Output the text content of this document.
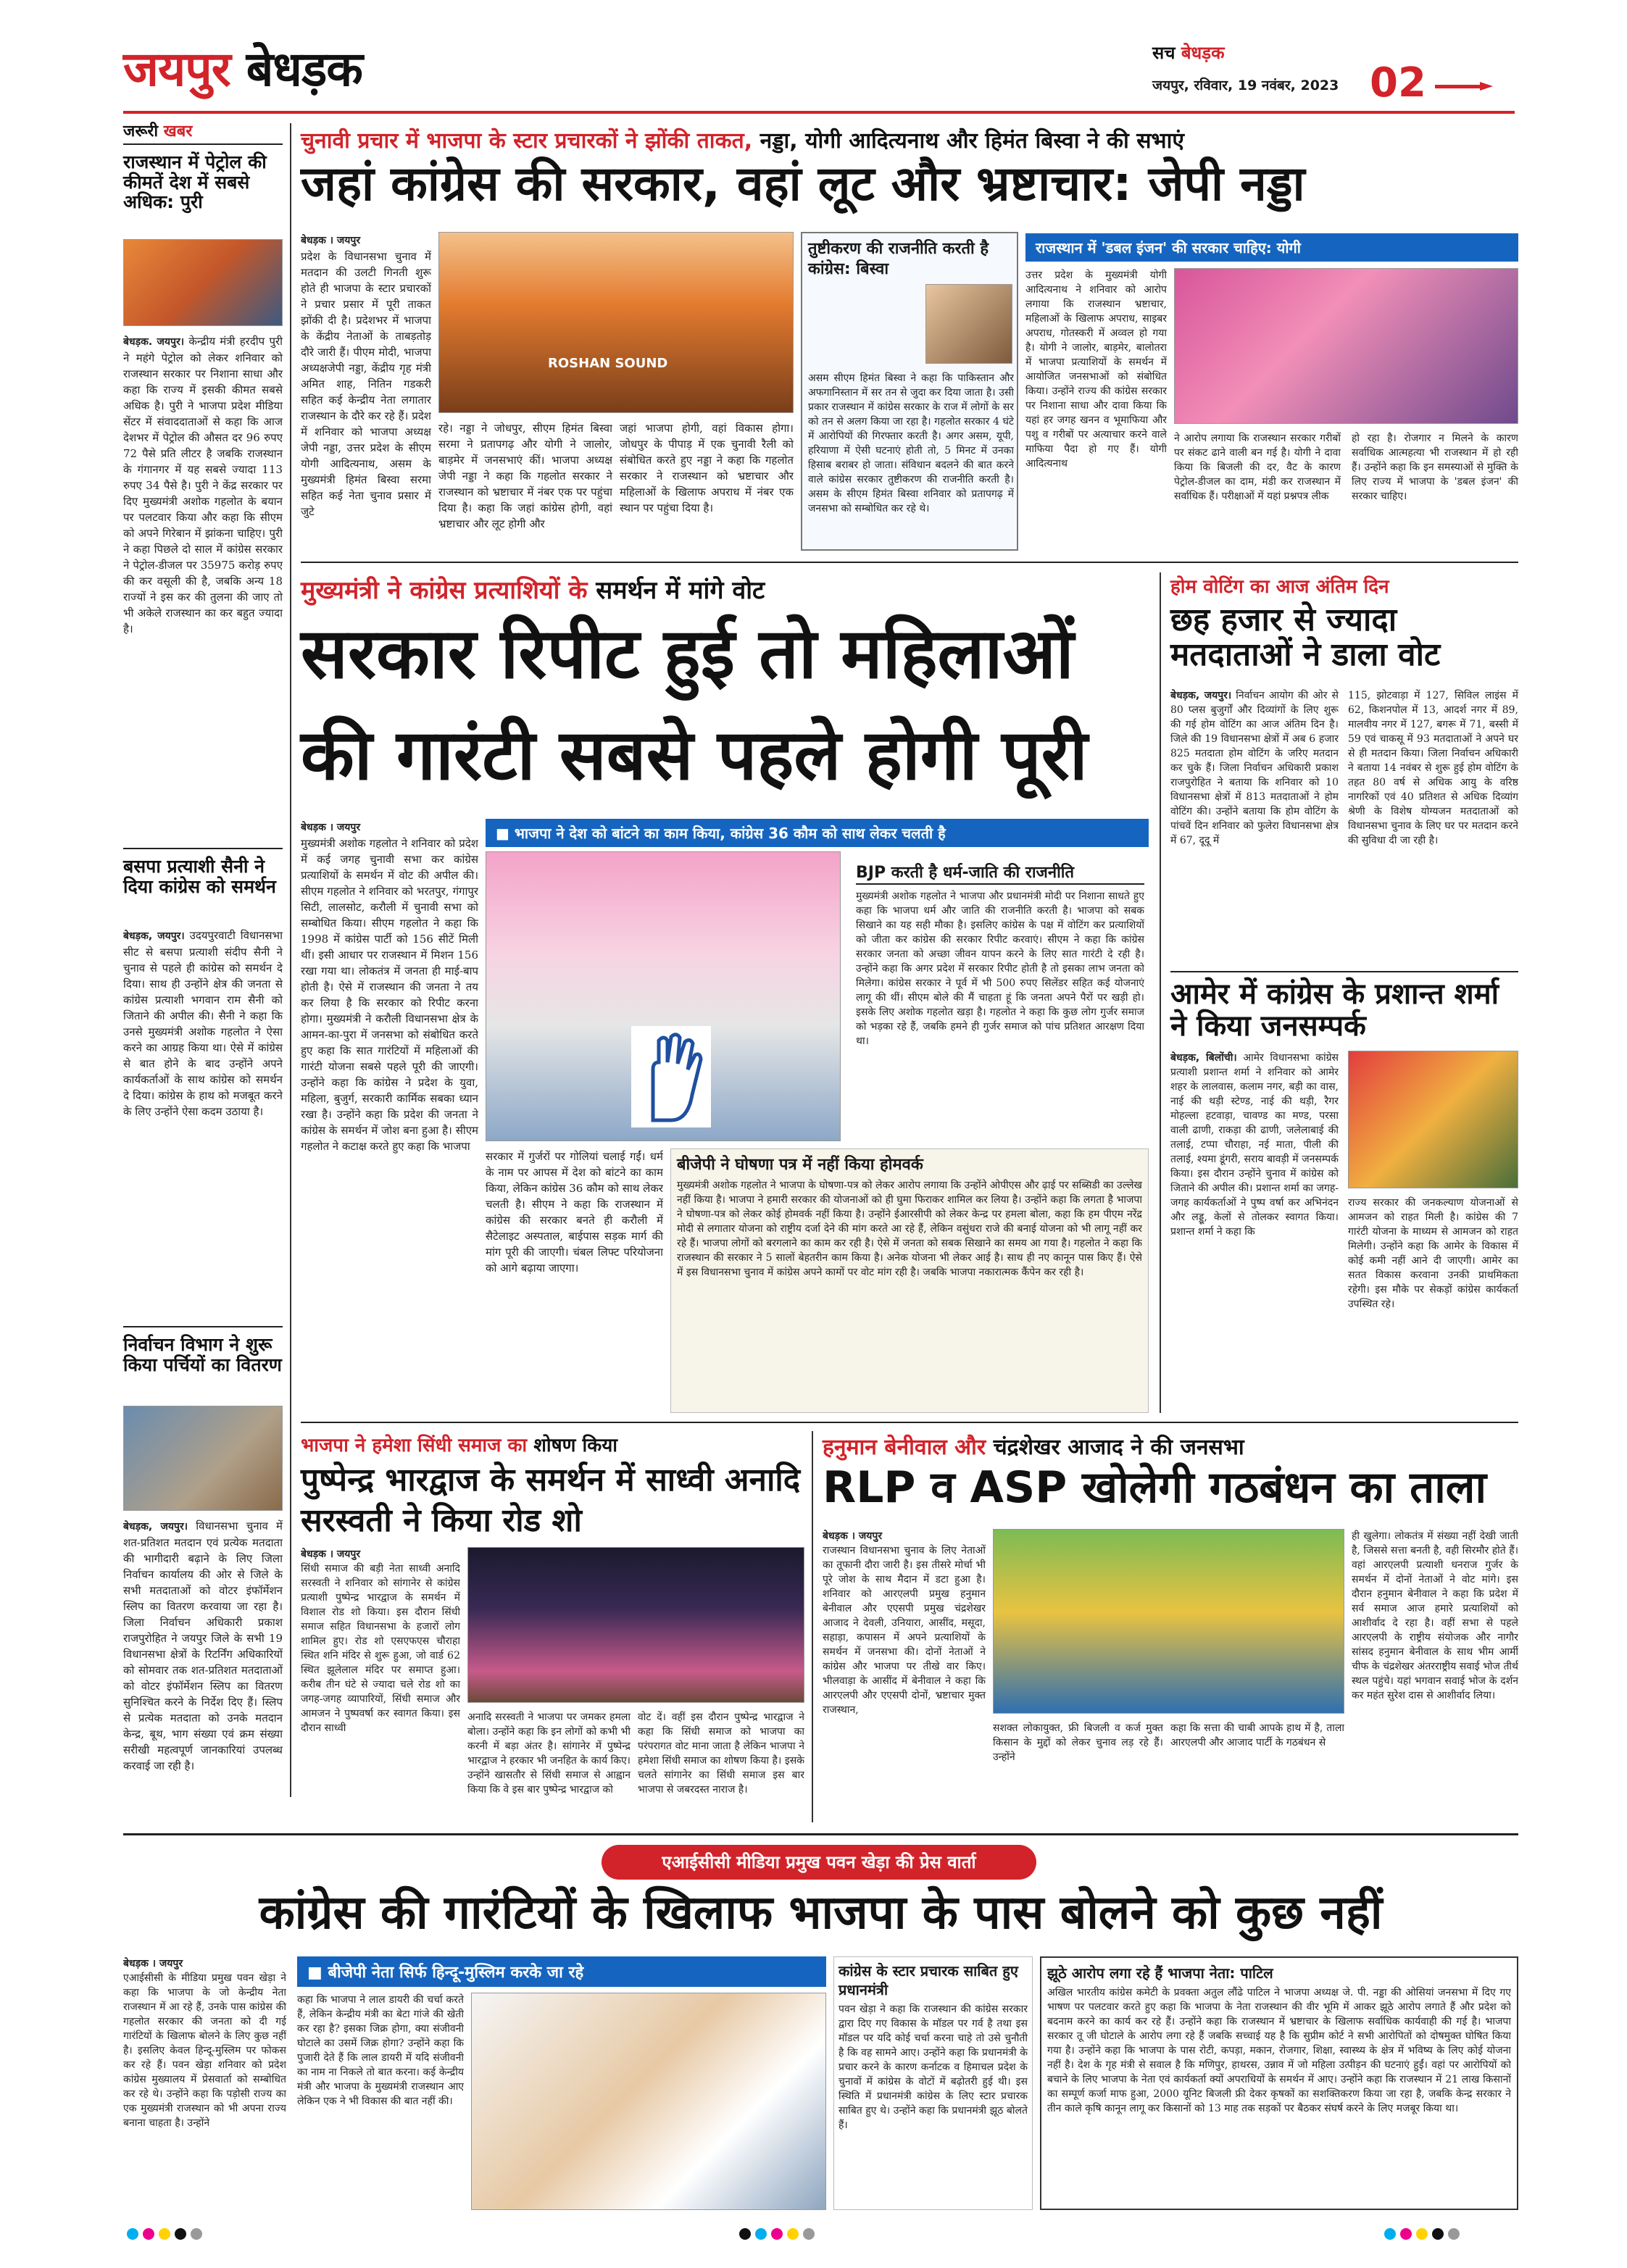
जयपुर बेधड़क	सच बेधड़क
जयपुर, रविवार, 19 नवंबर, 2023 02
जरूरी खबर
राजस्थान में पेट्रोल की कीमतें देश में सबसे अधिक: पुरी
बेधड़क. जयपुर। केन्द्रीय मंत्री हरदीप पुरी ने महंगे पेट्रोल को लेकर शनिवार को राजस्थान सरकार पर निशाना साधा और कहा कि राज्य में इसकी कीमत सबसे अधिक है। पुरी ने भाजपा प्रदेश मीडिया सेंटर में संवाददाताओं से कहा कि आज देशभर में पेट्रोल की औसत दर 96 रुपए 72 पैसे प्रति लीटर है जबकि राजस्थान के गंगानगर में यह सबसे ज्यादा 113 रुपए 34 पैसे है। पुरी ने केंद्र सरकार पर दिए मुख्यमंत्री अशोक गहलोत के बयान पर पलटवार किया और कहा कि सीएम को अपने गिरेबान में झांकना चाहिए। पुरी ने कहा पिछले दो साल में कांग्रेस सरकार ने पेट्रोल-डीजल पर 35975 करोड़ रुपए की कर वसूली की है, जबकि अन्य 18 राज्यों ने इस कर की तुलना की जाए तो भी अकेले राजस्थान का कर बहुत ज्यादा है।
बसपा प्रत्याशी सैनी ने दिया कांग्रेस को समर्थन
बेधड़क, जयपुर। उदयपुरवाटी विधानसभा सीट से बसपा प्रत्याशी संदीप सैनी ने चुनाव से पहले ही कांग्रेस को समर्थन दे दिया। साथ ही उन्होंने क्षेत्र की जनता से कांग्रेस प्रत्याशी भगवान राम सैनी को जिताने की अपील की। सैनी ने कहा कि उनसे मुख्यमंत्री अशोक गहलोत ने ऐसा करने का आग्रह किया था। ऐसे में कांग्रेस से बात होने के बाद उन्होंने अपने कार्यकर्ताओं के साथ कांग्रेस को समर्थन दे दिया। कांग्रेस के हाथ को मजबूत करने के लिए उन्होंने ऐसा कदम उठाया है।
निर्वाचन विभाग ने शुरू किया पर्चियों का वितरण
बेधड़क, जयपुर। विधानसभा चुनाव में शत-प्रतिशत मतदान एवं प्रत्येक मतदाता की भागीदारी बढ़ाने के लिए जिला निर्वाचन कार्यालय की ओर से जिले के सभी मतदाताओं को वोटर इंफॉर्मेशन स्लिप का वितरण करवाया जा रहा है। जिला निर्वाचन अधिकारी प्रकाश राजपुरोहित ने जयपुर जिले के सभी 19 विधानसभा क्षेत्रों के रिटर्निंग अधिकारियों को सोमवार तक शत-प्रतिशत मतदाताओं को वोटर इंफॉर्मेशन स्लिप का वितरण सुनिश्चित करने के निर्देश दिए हैं। स्लिप से प्रत्येक मतदाता को उनके मतदान केन्द्र, बूथ, भाग संख्या एवं क्रम संख्या सरीखी महत्वपूर्ण जानकारियां उपलब्ध करवाई जा रही है।
चुनावी प्रचार में भाजपा के स्टार प्रचारकों ने झोंकी ताकत, नड्डा, योगी आदित्यनाथ और हिमंत बिस्वा ने की सभाएं
जहां कांग्रेस की सरकार, वहां लूट और भ्रष्टाचार: जेपी नड्डा
बेधड़क । जयपुर
प्रदेश के विधानसभा चुनाव में मतदान की उलटी गिनती शुरू होते ही भाजपा के स्टार प्रचारकों ने प्रचार प्रसार में पूरी ताकत झोंकी दी है। प्रदेशभर में भाजपा के केंद्रीय नेताओं के ताबड़तोड़ दौरे जारी हैं। पीएम मोदी, भाजपा अध्यक्षजेपी नड्डा, केंद्रीय गृह मंत्री अमित शाह, नितिन गडकरी सहित कई केन्द्रीय नेता लगातार राजस्थान के दौरे कर रहे हैं। प्रदेश में शनिवार को भाजपा अध्यक्ष जेपी नड्डा, उत्तर प्रदेश के सीएम योगी आदित्यनाथ, असम के मुख्यमंत्री हिमंत बिस्वा सरमा सहित कई नेता चुनाव प्रसार में जुटे
ROSHAN SOUND
रहे। नड्डा ने जोधपुर, सीएम हिमंत बिस्वा सरमा ने प्रतापगढ़ और योगी ने जालोर, बाड़मेर में जनसभाएं कीं। भाजपा अध्यक्ष जेपी नड्डा ने कहा कि गहलोत सरकार ने राजस्थान को भ्रष्टाचार में नंबर एक पर पहुंचा दिया है। कहा कि जहां कांग्रेस होगी, वहां भ्रष्टाचार और लूट होगी और
जहां भाजपा होगी, वहां विकास होगा। जोधपुर के पीपाड़ में एक चुनावी रैली को संबोधित करते हुए नड्डा ने कहा कि गहलोत सरकार ने राजस्थान को भ्रष्टाचार और महिलाओं के खिलाफ अपराध में नंबर एक स्थान पर पहुंचा दिया है।
तुष्टीकरण की राजनीति करती है कांग्रेस: बिस्वा
असम सीएम हिमंत बिस्वा ने कहा कि पाकिस्तान और अफगानिस्तान में सर तन से जुदा कर दिया जाता है। उसी प्रकार राजस्थान में कांग्रेस सरकार के राज में लोगों के सर को तन से अलग किया जा रहा है। गहलोत सरकार 4 घंटे में आरोपियों की गिरफ्तार करती है। अगर असम, यूपी, हरियाणा में ऐसी घटनाएं होती तो, 5 मिनट में उनका हिसाब बराबर हो जाता। संविधान बदलने की बात करने वाले कांग्रेस सरकार तुष्टीकरण की राजनीति करती है। असम के सीएम हिमंत बिस्वा शनिवार को प्रतापगढ़ में जनसभा को सम्बोधित कर रहे थे।
राजस्थान में 'डबल इंजन' की सरकार चाहिए: योगी
उत्तर प्रदेश के मुख्यमंत्री योगी आदित्यनाथ ने शनिवार को आरोप लगाया कि राजस्थान भ्रष्टाचार, महिलाओं के खिलाफ अपराध, साइबर अपराध, गोतस्करी में अव्वल हो गया है। योगी ने जालोर, बाड़मेर, बालोतरा में भाजपा प्रत्याशियों के समर्थन में आयोजित जनसभाओं को संबोधित किया। उन्होंने राज्य की कांग्रेस सरकार पर निशाना साधा और दावा किया कि यहां हर जगह खनन व भूमाफिया और पशु व गरीबों पर अत्याचार करने वाले माफिया पैदा हो गए हैं। योगी आदित्यनाथ
ने आरोप लगाया कि राजस्थान सरकार गरीबों पर संकट ढाने वाली बन गई है। योगी ने दावा किया कि बिजली की दर, वैट के कारण पेट्रोल-डीजल का दाम, मंडी कर राजस्थान में सर्वाधिक हैं। परीक्षाओं में यहां प्रश्नपत्र लीक
हो रहा है। रोजगार न मिलने के कारण सर्वाधिक आत्महत्या भी राजस्थान में हो रही हैं। उन्होंने कहा कि इन समस्याओं से मुक्ति के लिए राज्य में भाजपा के 'डबल इंजन' की सरकार चाहिए।
मुख्यमंत्री ने कांग्रेस प्रत्याशियों के समर्थन में मांगे वोट
सरकार रिपीट हुई तो महिलाओं
की गारंटी सबसे पहले होगी पूरी
बेधड़क । जयपुर
मुख्यमंत्री अशोक गहलोत ने शनिवार को प्रदेश में कई जगह चुनावी सभा कर कांग्रेस प्रत्याशियों के समर्थन में वोट की अपील की। सीएम गहलोत ने शनिवार को भरतपुर, गंगापुर सिटी, लालसोट, करौली में चुनावी सभा को सम्बोधित किया। सीएम गहलोत ने कहा कि 1998 में कांग्रेस पार्टी को 156 सीटें मिली थीं। इसी आधार पर राजस्थान में मिशन 156 रखा गया था। लोकतंत्र में जनता ही माई-बाप होती है। ऐसे में राजस्थान की जनता ने तय कर लिया है कि सरकार को रिपीट करना होगा। मुख्यमंत्री ने करौली विधानसभा क्षेत्र के आमन-का-पुरा में जनसभा को संबोधित करते हुए कहा कि सात गारंटियों में महिलाओं की गारंटी योजना सबसे पहले पूरी की जाएगी। उन्होंने कहा कि कांग्रेस ने प्रदेश के युवा, महिला, बुजुर्ग, सरकारी कार्मिक सबका ध्यान रखा है। उन्होंने कहा कि प्रदेश की जनता ने कांग्रेस के समर्थन में जोश बना हुआ है। सीएम गहलोत ने कटाक्ष करते हुए कहा कि भाजपा
■ भाजपा ने देश को बांटने का काम किया, कांग्रेस 36 कौम को साथ लेकर चलती है
सरकार में गुर्जरों पर गोलियां चलाई गईं। धर्म के नाम पर आपस में देश को बांटने का काम किया, लेकिन कांग्रेस 36 कौम को साथ लेकर चलती है। सीएम ने कहा कि राजस्थान में कांग्रेस की सरकार बनते ही करौली में सैटेलाइट अस्पताल, बाईपास सड़क मार्ग की मांग पूरी की जाएगी। चंबल लिफ्ट परियोजना को आगे बढ़ाया जाएगा।
BJP करती है धर्म-जाति की राजनीति
मुख्यमंत्री अशोक गहलोत ने भाजपा और प्रधानमंत्री मोदी पर निशाना साधते हुए कहा कि भाजपा धर्म और जाति की राजनीति करती है। भाजपा को सबक सिखाने का यह सही मौका है। इसलिए कांग्रेस के पक्ष में वोटिंग कर प्रत्याशियों को जीता कर कांग्रेस की सरकार रिपीट करवाएं। सीएम ने कहा कि कांग्रेस सरकार जनता को अच्छा जीवन यापन करने के लिए सात गारंटी दे रही है। उन्होंने कहा कि अगर प्रदेश में सरकार रिपीट होती है तो इसका लाभ जनता को मिलेगा। कांग्रेस सरकार ने पूर्व में भी 500 रुपए सिलेंडर सहित कई योजनाएं लागू की थीं। सीएम बोले की मैं चाहता हूं कि जनता अपने पैरों पर खड़ी हो। इसके लिए अशोक गहलोत खड़ा है। गहलोत ने कहा कि कुछ लोग गुर्जर समाज को भड़का रहे हैं, जबकि हमने ही गुर्जर समाज को पांच प्रतिशत आरक्षण दिया था।
बीजेपी ने घोषणा पत्र में नहीं किया होमवर्क
मुख्यमंत्री अशोक गहलोत ने भाजपा के घोषणा-पत्र को लेकर आरोप लगाया कि उन्होंने ओपीएस और ढ़ाई पर सब्सिडी का उल्लेख नहीं किया है। भाजपा ने हमारी सरकार की योजनाओं को ही घुमा फिराकर शामिल कर लिया है। उन्होंने कहा कि लगता है भाजपा ने घोषणा-पत्र को लेकर कोई होमवर्क नहीं किया है। उन्होंने ईआरसीपी को लेकर केन्द्र पर हमला बोला, कहा कि हम पीएम नरेंद्र मोदी से लगातार योजना को राष्ट्रीय दर्जा देने की मांग करते आ रहे हैं, लेकिन वसुंधरा राजे की बनाई योजना को भी लागू नहीं कर रहे हैं। भाजपा लोगों को बरगलाने का काम कर रही है। ऐसे में जनता को सबक सिखाने का समय आ गया है। गहलोत ने कहा कि राजस्थान की सरकार ने 5 सालों बेहतरीन काम किया है। अनेक योजना भी लेकर आई है। साथ ही नए कानून पास किए हैं। ऐसे में इस विधानसभा चुनाव में कांग्रेस अपने कामों पर वोट मांग रही है। जबकि भाजपा नकारात्मक कैंपेन कर रही है।
होम वोटिंग का आज अंतिम दिन
छह हजार से ज्यादा मतदाताओं ने डाला वोट
बेधड़क, जयपुर। निर्वाचन आयोग की ओर से 80 प्लस बुजुर्गों और दिव्यांगों के लिए शुरू की गई होम वोटिंग का आज अंतिम दिन है। जिले की 19 विधानसभा क्षेत्रों में अब 6 हजार 825 मतदाता होम वोटिंग के जरिए मतदान कर चुके हैं। जिला निर्वाचन अधिकारी प्रकाश राजपुरोहित ने बताया कि शनिवार को 10 विधानसभा क्षेत्रों में 813 मतदाताओं ने होम वोटिंग की। उन्होंने बताया कि होम वोटिंग के पांचवें दिन शनिवार को फुलेरा विधानसभा क्षेत्र में 67, दूदू में
115, झोटवाड़ा में 127, सिविल लाइंस में 62, किशनपोल में 13, आदर्श नगर में 89, मालवीय नगर में 127, बगरू में 71, बस्सी में 59 एवं चाकसू में 93 मतदाताओं ने अपने घर से ही मतदान किया। जिला निर्वाचन अधिकारी ने बताया 14 नवंबर से शुरू हुई होम वोटिंग के तहत 80 वर्ष से अधिक आयु के वरिष्ठ नागरिकों एवं 40 प्रतिशत से अधिक दिव्यांग श्रेणी के विशेष योग्यजन मतदाताओं को विधानसभा चुनाव के लिए घर पर मतदान करने की सुविधा दी जा रही है।
आमेर में कांग्रेस के प्रशान्त शर्मा ने किया जनसम्पर्क
बेधड़क, बिलोंची। आमेर विधानसभा कांग्रेस प्रत्याशी प्रशान्त शर्मा ने शनिवार को आमेर शहर के लालवास, कलाम नगर, बड़ी का वास, नाई की थड़ी स्टेण्ड, नाई की थड़ी, रैगर मोहल्ला हटवाड़ा, चावण्ड का मण्ड, परसा वाली ढाणी, राकड़ा की ढाणी, जलेलाबाई की तलाई, टप्पा चौराहा, नई माता, पीली की तलाई, श्यमा डूंगरी, सराय बावड़ी में जनसम्पर्क किया। इस दौरान उन्होंने चुनाव में कांग्रेस को जिताने की अपील की। प्रशान्त शर्मा का जगह-जगह कार्यकर्ताओं ने पुष्प वर्षा कर अभिनंदन और लड्डू, केलों से तोलकर स्वागत किया। प्रशान्त शर्मा ने कहा कि
राज्य सरकार की जनकल्याण योजनाओं से आमजन को राहत मिली है। कांग्रेस की 7 गारंटी योजना के माध्यम से आमजन को राहत मिलेगी। उन्होंने कहा कि आमेर के विकास में कोई कमी नहीं आने दी जाएगी। आमेर का सतत विकास करवाना उनकी प्राथमिकता रहेगी। इस मौके पर सेकड़ों कांग्रेस कार्यकर्ता उपस्थित रहे।
भाजपा ने हमेशा सिंधी समाज का शोषण किया
पुष्पेन्द्र भारद्वाज के समर्थन में साध्वी अनादि सरस्वती ने किया रोड शो
बेधड़क । जयपुर
सिंधी समाज की बड़ी नेता साध्वी अनादि सरस्वती ने शनिवार को सांगानेर से कांग्रेस प्रत्याशी पुष्पेन्द्र भारद्वाज के समर्थन में विशाल रोड शो किया। इस दौरान सिंधी समाज सहित विधानसभा के हजारों लोग शामिल हुए। रोड शो एसएफएस चौराहा स्थित शनि मंदिर से शुरू हुआ, जो वार्ड 62 स्थित झूलेलाल मंदिर पर समाप्त हुआ। करीब तीन घंटे से ज्यादा चले रोड शो का जगह-जगह व्यापारियों, सिंधी समाज और आमजन ने पुष्पवर्षा कर स्वागत किया। इस दौरान साध्वी
अनादि सरस्वती ने भाजपा पर जमकर हमला बोला। उन्होंने कहा कि इन लोगों को कभी भी करनी में बड़ा अंतर है। सांगानेर में पुष्पेन्द्र भारद्वाज ने हरकार भी जनहित के कार्य किए। उन्होंने खासतौर से सिंधी समाज से आह्वान किया कि वे इस बार पुष्पेन्द्र भारद्वाज को
वोट दें। वहीं इस दौरान पुष्पेन्द्र भारद्वाज ने कहा कि सिंधी समाज को भाजपा का परंपरागत वोट माना जाता है लेकिन भाजपा ने हमेशा सिंधी समाज का शोषण किया है। इसके चलते सांगानेर का सिंधी समाज इस बार भाजपा से जबरदस्त नाराज है।
हनुमान बेनीवाल और चंद्रशेखर आजाद ने की जनसभा
RLP व ASP खोलेगी गठबंधन का ताला
बेधड़क । जयपुर
राजस्थान विधानसभा चुनाव के लिए नेताओं का तूफानी दौरा जारी है। इस तीसरे मोर्चा भी पूरे जोश के साथ मैदान में डटा हुआ है। शनिवार को आरएलपी प्रमुख हनुमान बेनीवाल और एएसपी प्रमुख चंद्रशेखर आजाद ने देवली, उनियारा, आसींद, मसूदा, सहाड़ा, कपासन में अपने प्रत्याशियों के समर्थन में जनसभा की। दोनों नेताओं ने कांग्रेस और भाजपा पर तीखे वार किए। भीलवाड़ा के आसींद में बेनीवाल ने कहा कि आरएलपी और एएसपी दोनों, भ्रष्टाचार मुक्त राजस्थान,
सशक्त लोकायुक्त, फ्री बिजली व कर्ज मुक्त किसान के मुद्दों को लेकर चुनाव लड़ रहे हैं। उन्होंने
कहा कि सत्ता की चाबी आपके हाथ में है, ताला आरएलपी और आजाद पार्टी के गठबंधन से
ही खुलेगा। लोकतंत्र में संख्या नहीं देखी जाती है, जिससे सत्ता बनती है, वही सिरमौर होते हैं। वहां आरएलपी प्रत्याशी धनराज गुर्जर के समर्थन में दोनों नेताओं ने वोट मांगे। इस दौरान हनुमान बेनीवाल ने कहा कि प्रदेश में सर्व समाज आज हमारे प्रत्याशियों को आशीर्वाद दे रहा है। वहीं सभा से पहले आरएलपी के राष्ट्रीय संयोजक और नागौर सांसद हनुमान बेनीवाल के साथ भीम आर्मी चीफ के चंद्रशेखर अंतरराष्ट्रीय सवाई भोज तीर्थ स्थल पहुंचे। यहां भगवान सवाई भोज के दर्शन कर महंत सुरेश दास से आशीर्वाद लिया।
एआईसीसी मीडिया प्रमुख पवन खेड़ा की प्रेस वार्ता
कांग्रेस की गारंटियों के खिलाफ भाजपा के पास बोलने को कुछ नहीं
बेधड़क । जयपुर
एआईसीसी के मीडिया प्रमुख पवन खेड़ा ने कहा कि भाजपा के जो केन्द्रीय नेता राजस्थान में आ रहे हैं, उनके पास कांग्रेस की गहलोत सरकार की जनता को दी गई गारंटियों के खिलाफ बोलने के लिए कुछ नहीं है। इसलिए केवल हिन्दू-मुस्लिम पर फोकस कर रहे हैं। पवन खेड़ा शनिवार को प्रदेश कांग्रेस मुख्यालय में प्रेसवार्ता को सम्बोधित कर रहे थे। उन्होंने कहा कि पड़ोसी राज्य का एक मुख्यमंत्री राजस्थान को भी अपना राज्य बनाना चाहता है। उन्होंने
■ बीजेपी नेता सिर्फ हिन्दू-मुस्लिम करके जा रहे
कहा कि भाजपा ने लाल डायरी की चर्चा करते हैं, लेकिन केन्द्रीय मंत्री का बेटा गांजे की खेती कर रहा है? इसका जिक्र होगा, क्या संजीवनी घोटाले का उसमें जिक्र होगा? उन्होंने कहा कि पुजारी देते हैं कि लाल डायरी में यदि संजीवनी का नाम ना निकले तो बात करना। कई केन्द्रीय मंत्री और भाजपा के मुख्यमंत्री राजस्थान आए लेकिन एक ने भी विकास की बात नहीं की।
कांग्रेस के स्टार प्रचारक साबित हुए प्रधानमंत्री
पवन खेड़ा ने कहा कि राजस्थान की कांग्रेस सरकार द्वारा दिए गए विकास के मॉडल पर गर्व है तथा इस मॉडल पर यदि कोई चर्चा करना चाहे तो उसे चुनौती है कि वह सामने आए। उन्होंने कहा कि प्रधानमंत्री के प्रचार करने के कारण कर्नाटक व हिमाचल प्रदेश के चुनावों में कांग्रेस के वोटों में बढ़ोतरी हुई थी। इस स्थिति में प्रधानमंत्री कांग्रेस के लिए स्टार प्रचारक साबित हुए थे। उन्होंने कहा कि प्रधानमंत्री झूठ बोलते हैं।
झूठे आरोप लगा रहे हैं भाजपा नेता: पाटिल
अखिल भारतीय कांग्रेस कमेटी के प्रवक्ता अतुल लौंढे पाटिल ने भाजपा अध्यक्ष जे. पी. नड्डा की ओसियां जनसभा में दिए गए भाषण पर पलटवार करते हुए कहा कि भाजपा के नेता राजस्थान की वीर भूमि में आकर झूठे आरोप लगाते हैं और प्रदेश को बदनाम करने का कार्य कर रहे हैं। उन्होंने कहा कि राजस्थान में भ्रष्टाचार के खिलाफ सर्वाधिक कार्यवाही की गई है। भाजपा सरकार तू जी घोटाले के आरोप लगा रहे हैं जबकि सच्चाई यह है कि सुप्रीम कोर्ट ने सभी आरोपितों को दोषमुक्त घोषित किया गया है। उन्होंने कहा कि भाजपा के पास रोटी, कपड़ा, मकान, रोजगार, शिक्षा, स्वास्थ्य के क्षेत्र में भविष्य के लिए कोई योजना नहीं है। देश के गृह मंत्री से सवाल है कि मणिपुर, हाथरस, उन्नाव में जो महिला उत्पीड़न की घटनाएं हुईं। वहां पर आरोपियों को बचाने के लिए भाजपा के नेता एवं कार्यकर्ता क्यों अपराधियों के समर्थन में आए। उन्होंने कहा कि राजस्थान में 21 लाख किसानों का सम्पूर्ण कर्जा माफ हुआ, 2000 यूनिट बिजली फ्री देकर कृषकों का सशक्तिकरण किया जा रहा है, जबकि केन्द्र सरकार ने तीन काले कृषि कानून लागू कर किसानों को 13 माह तक सड़कों पर बैठकर संघर्ष करने के लिए मजबूर किया था।
